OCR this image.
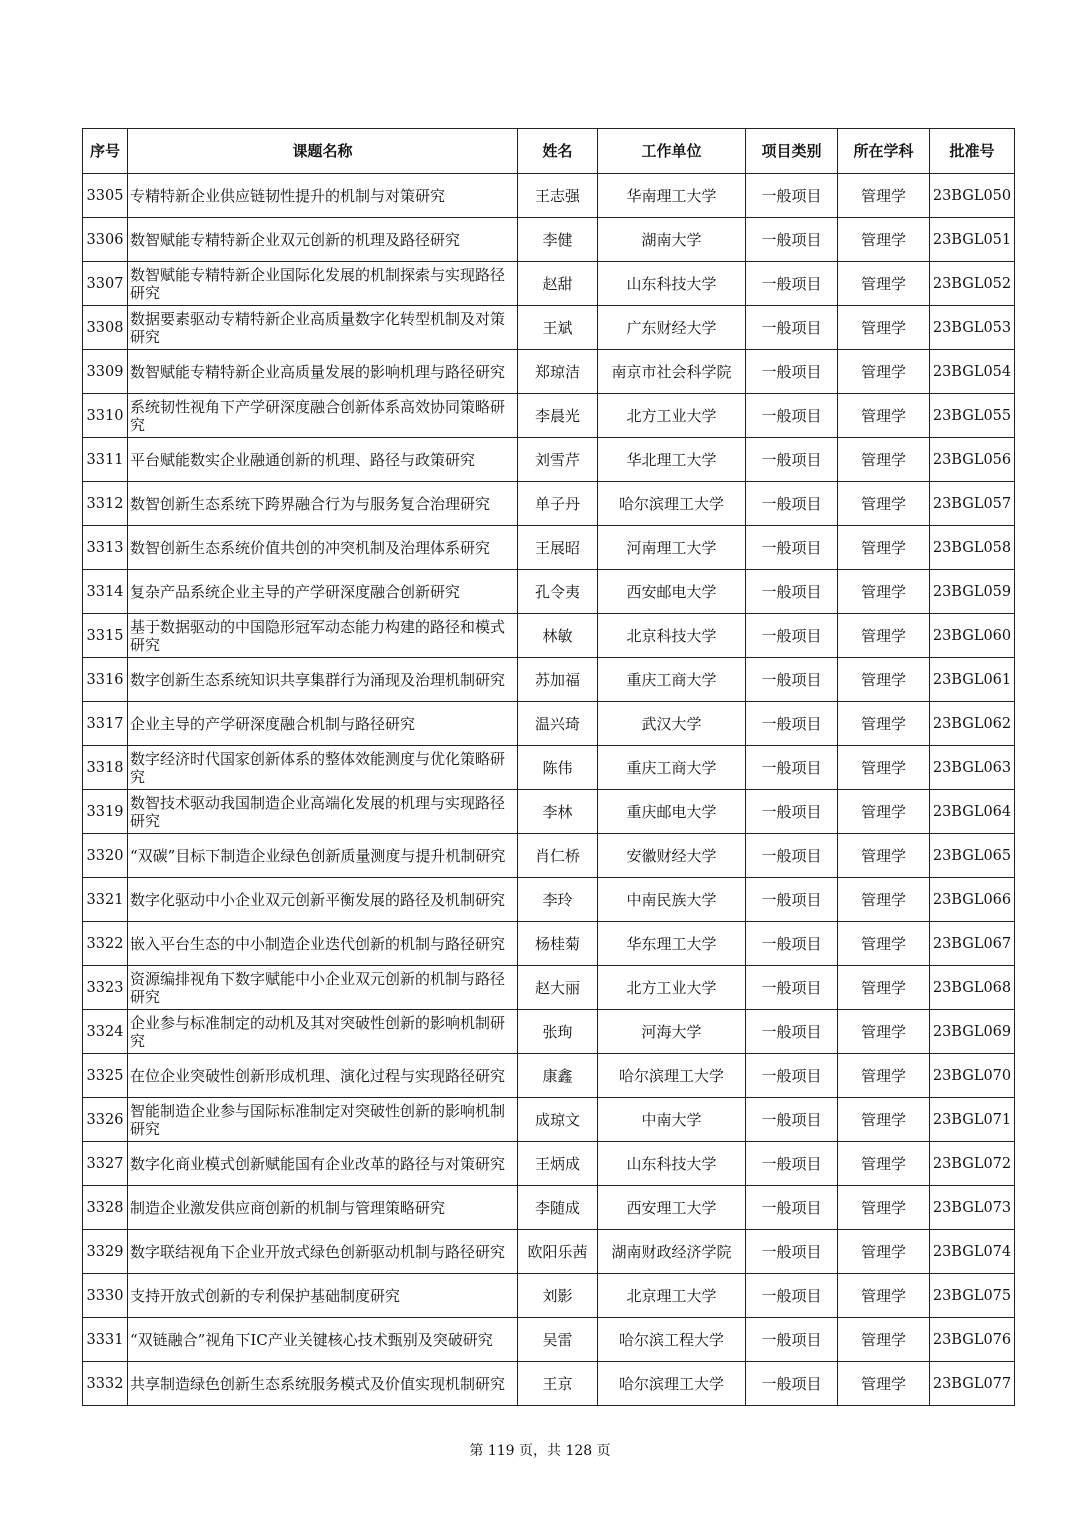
序号	课题名称	姓名	工作单位	项目类别	所在学科	批准号
3305	专精特新企业供应链韧性提升的机制与对策研究	王志强	华南理工大学	一般项目	管理学	23BGL050
3306	数智赋能专精特新企业双元创新的机理及路径研究	李健	湖南大学	一般项目	管理学	23BGL051
3307	数智赋能专精特新企业国际化发展的机制探索与实现路径研究	赵甜	山东科技大学	一般项目	管理学	23BGL052
3308	数据要素驱动专精特新企业高质量数字化转型机制及对策研究	王斌	广东财经大学	一般项目	管理学	23BGL053
3309	数智赋能专精特新企业高质量发展的影响机理与路径研究	郑琼洁	南京市社会科学院	一般项目	管理学	23BGL054
3310	系统韧性视角下产学研深度融合创新体系高效协同策略研究	李晨光	北方工业大学	一般项目	管理学	23BGL055
3311	平台赋能数实企业融通创新的机理、路径与政策研究	刘雪芹	华北理工大学	一般项目	管理学	23BGL056
3312	数智创新生态系统下跨界融合行为与服务复合治理研究	单子丹	哈尔滨理工大学	一般项目	管理学	23BGL057
3313	数智创新生态系统价值共创的冲突机制及治理体系研究	王展昭	河南理工大学	一般项目	管理学	23BGL058
3314	复杂产品系统企业主导的产学研深度融合创新研究	孔令夷	西安邮电大学	一般项目	管理学	23BGL059
3315	基于数据驱动的中国隐形冠军动态能力构建的路径和模式研究	林敏	北京科技大学	一般项目	管理学	23BGL060
3316	数字创新生态系统知识共享集群行为涌现及治理机制研究	苏加福	重庆工商大学	一般项目	管理学	23BGL061
3317	企业主导的产学研深度融合机制与路径研究	温兴琦	武汉大学	一般项目	管理学	23BGL062
3318	数字经济时代国家创新体系的整体效能测度与优化策略研究	陈伟	重庆工商大学	一般项目	管理学	23BGL063
3319	数智技术驱动我国制造企业高端化发展的机理与实现路径研究	李林	重庆邮电大学	一般项目	管理学	23BGL064
3320	“双碳”目标下制造企业绿色创新质量测度与提升机制研究	肖仁桥	安徽财经大学	一般项目	管理学	23BGL065
3321	数字化驱动中小企业双元创新平衡发展的路径及机制研究	李玲	中南民族大学	一般项目	管理学	23BGL066
3322	嵌入平台生态的中小制造企业迭代创新的机制与路径研究	杨桂菊	华东理工大学	一般项目	管理学	23BGL067
3323	资源编排视角下数字赋能中小企业双元创新的机制与路径研究	赵大丽	北方工业大学	一般项目	管理学	23BGL068
3324	企业参与标准制定的动机及其对突破性创新的影响机制研究	张珣	河海大学	一般项目	管理学	23BGL069
3325	在位企业突破性创新形成机理、演化过程与实现路径研究	康鑫	哈尔滨理工大学	一般项目	管理学	23BGL070
3326	智能制造企业参与国际标准制定对突破性创新的影响机制研究	成琼文	中南大学	一般项目	管理学	23BGL071
3327	数字化商业模式创新赋能国有企业改革的路径与对策研究	王炳成	山东科技大学	一般项目	管理学	23BGL072
3328	制造企业激发供应商创新的机制与管理策略研究	李随成	西安理工大学	一般项目	管理学	23BGL073
3329	数字联结视角下企业开放式绿色创新驱动机制与路径研究	欧阳乐茜	湖南财政经济学院	一般项目	管理学	23BGL074
3330	支持开放式创新的专利保护基础制度研究	刘影	北京理工大学	一般项目	管理学	23BGL075
3331	“双链融合”视角下IC产业关键核心技术甄别及突破研究	吴雷	哈尔滨工程大学	一般项目	管理学	23BGL076
3332	共享制造绿色创新生态系统服务模式及价值实现机制研究	王京	哈尔滨理工大学	一般项目	管理学	23BGL077
第 119 页，共 128 页
